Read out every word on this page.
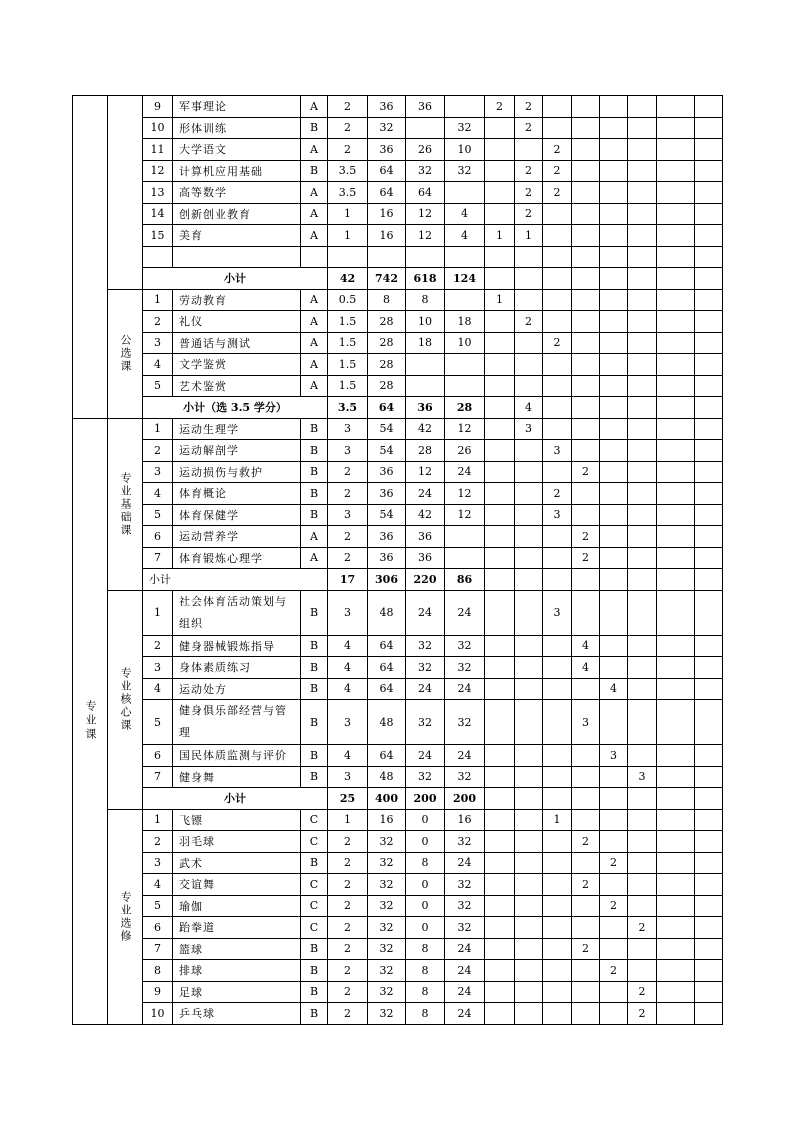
		9	军事理论	A	2	36	36		2	2							
		10	形体训练	B	2	32		32		2							
		11	大学语文	A	2	36	26	10			2						
		12	计算机应用基础	B	3.5	64	32	32		2	2						
		13	高等数学	A	3.5	64	64			2	2						
		14	创新创业教育	A	1	16	12	4		2							
		15	美育	A	1	16	12	4	1	1							

		小计			42	742	618	124									
	公选课	1	劳动教育	A	0.5	8	8		1								
		2	礼仪	A	1.5	28	10	18		2							
		3	普通话与测试	A	1.5	28	18	10			2						
		4	文学鉴赏	A	1.5	28											
		5	艺术鉴赏	A	1.5	28											
		小计（选 3.5 学分）			3.5	64	36	28		4							
专业课	专业基础课	1	运动生理学	B	3	54	42	12		3							
		2	运动解剖学	B	3	54	28	26			3						
		3	运动损伤与救护	B	2	36	12	24				2					
		4	体育概论	B	2	36	24	12			2						
		5	体育保健学	B	3	54	42	12			3						
		6	运动营养学	A	2	36	36					2					
		7	体育锻炼心理学	A	2	36	36					2					
		小计			17	306	220	86									
	专业核心课	1	社会体育活动策划与
组织	B	3	48	24	24			3						
		2	健身器械锻炼指导	B	4	64	32	32				4					
		3	身体素质练习	B	4	64	32	32				4					
		4	运动处方	B	4	64	24	24					4				
		5	健身俱乐部经营与管
理	B	3	48	32	32				3					
		6	国民体质监测与评价	B	4	64	24	24					3				
		7	健身舞	B	3	48	32	32						3			
		小计			25	400	200	200									
	专业选修	1	飞镖	C	1	16	0	16			1						
		2	羽毛球	C	2	32	0	32				2					
		3	武术	B	2	32	8	24					2				
		4	交谊舞	C	2	32	0	32				2					
		5	瑜伽	C	2	32	0	32					2				
		6	跆拳道	C	2	32	0	32						2			
		7	篮球	B	2	32	8	24				2					
		8	排球	B	2	32	8	24					2				
		9	足球	B	2	32	8	24						2			
		10	乒乓球	B	2	32	8	24						2			
